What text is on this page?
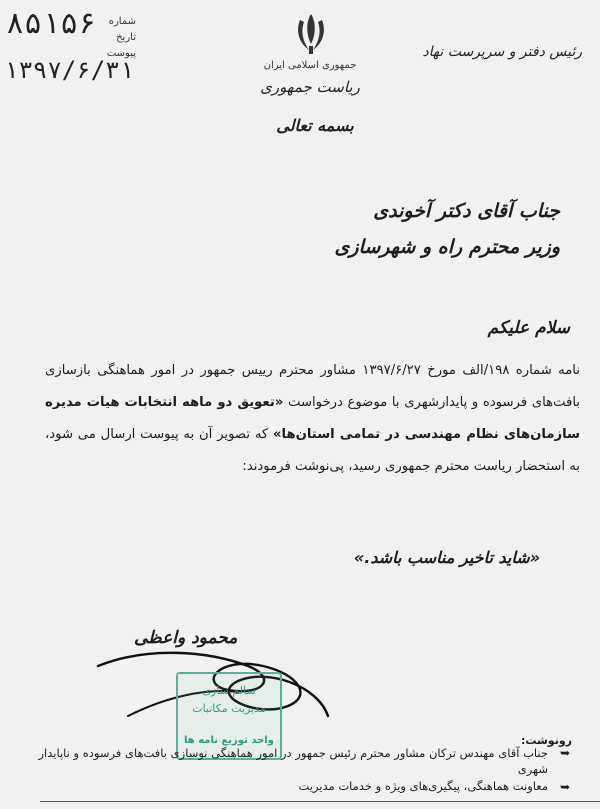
۸۵۱۵۶
۱۳۹۷/۶/۳۱
شماره
تاریخ
پیوست
جمهوری اسلامی ایران
ریاست جمهوری
بسمه تعالی
رئیس دفتر و سرپرست نهاد
جناب آقای دکتر آخوندی
وزیر محترم راه و شهرسازی
سلام علیکم
نامه شماره ۱۹۸/الف مورخ ۱۳۹۷/۶/۲۷ مشاور محترم رییس جمهور در امور هماهنگی بازسازی بافت‌های فرسوده و پایدارشهری با موضوع درخواست «تعویق دو ماهه انتخابات هیات مدیره سازمان‌های نظام مهندسی در تمامی استان‌ها» که تصویر آن به پیوست ارسال می شود، به استحضار ریاست محترم جمهوری رسید، پی‌نوشت فرمودند:
«شاید تاخیر مناسب باشد.»
محمود واعظی
سالم سازی
مدیریت مکاتبات
واحد توزیع نامه ها	رونوشت:
➥
جناب آقای مهندس ترکان مشاور محترم رئیس جمهور در امور هماهنگی نوسازی بافت‌های فرسوده و ناپایدار شهری
➥
معاونت هماهنگی، پیگیری‌های ویژه و خدمات مدیریت
